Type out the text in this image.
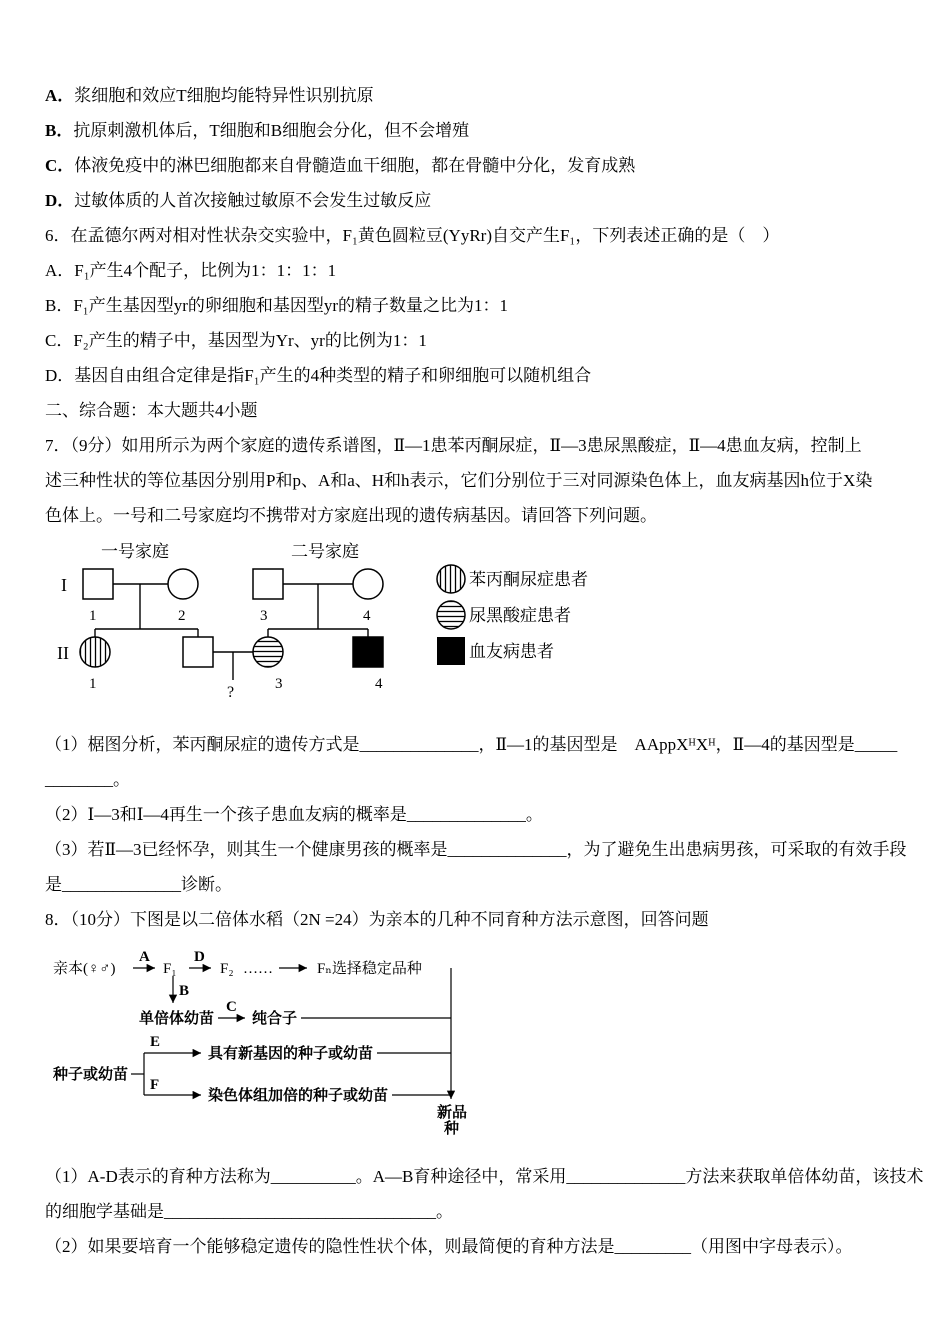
A．浆细胞和效应T细胞均能特异性识别抗原
B．抗原刺激机体后，T细胞和B细胞会分化，但不会增殖
C．体液免疫中的淋巴细胞都来自骨髓造血干细胞，都在骨髓中分化，发育成熟
D．过敏体质的人首次接触过敏原不会发生过敏反应
6．在孟德尔两对相对性状杂交实验中，F₁黄色圆粒豆(YyRr)自交产生F₁，下列表述正确的是（　）
A．F₁产生4个配子，比例为1：1：1：1
B．F₁产生基因型yr的卵细胞和基因型yr的精子数量之比为1：1
C．F₂产生的精子中，基因型为Yr、yr的比例为1：1
D．基因自由组合定律是指F₁产生的4种类型的精子和卵细胞可以随机组合
二、综合题：本大题共4小题
7．（9分）如用所示为两个家庭的遗传系谱图，Ⅱ—1患苯丙酮尿症，Ⅱ—3患尿黑酸症，Ⅱ—4患血友病，控制上
述三种性状的等位基因分别用P和p、A和a、H和h表示，它们分别位于三对同源染色体上，血友病基因h位于X染
色体上。一号和二号家庭均不携带对方家庭出现的遗传病基因。请回答下列问题。
一号家庭	二号家庭
I
II
1	2	3	4
1	3	4
?
苯丙酮尿症患者
尿黑酸症患者
血友病患者
（1）椐图分析，苯丙酮尿症的遗传方式是______________，Ⅱ—1的基因型是　AAppXᴴXᴴ，Ⅱ—4的基因型是_____
________。
（2）Ⅰ—3和Ⅰ—4再生一个孩子患血友病的概率是______________。
（3）若Ⅱ—3已经怀孕，则其生一个健康男孩的概率是______________，为了避免生出患病男孩，可采取的有效手段
是______________诊断。
8．（10分）下图是以二倍体水稻（2N =24）为亲本的几种不同育种方法示意图，回答问题
亲本(♀♂)
A
F₁
D
F₂ ……	Fₙ选择稳定品种
B
单倍体幼苗
C
纯合子
种子或幼苗
E
具有新基因的种子或幼苗
F
染色体组加倍的种子或幼苗
新品
种
（1）A-D表示的育种方法称为__________。A—B育种途径中，常采用______________方法来获取单倍体幼苗，该技术
的细胞学基础是________________________________。
（2）如果要培育一个能够稳定遗传的隐性性状个体，则最简便的育种方法是_________（用图中字母表示）。
